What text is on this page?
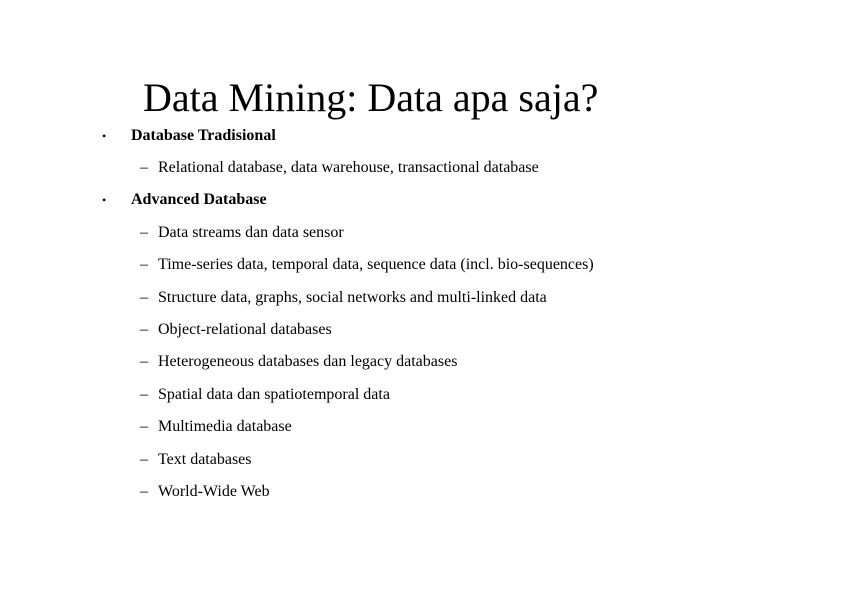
Data Mining: Data apa saja?
• Database Tradisional
– Relational database, data warehouse, transactional database
• Advanced Database
– Data streams dan data sensor
– Time-series data, temporal data, sequence data (incl. bio-sequences)
– Structure data, graphs, social networks and multi-linked data
– Object-relational databases
– Heterogeneous databases dan legacy databases
– Spatial data dan spatiotemporal data
– Multimedia database
– Text databases
– World-Wide Web
